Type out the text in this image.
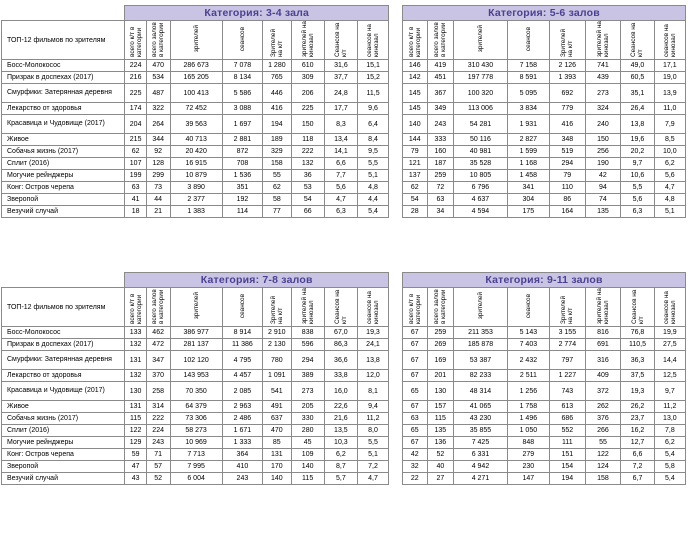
	Категория: 3-4 зала							
ТОП-12 фильмов по зрителям	всего к/т в категории	всего залов в категории	зрителей	сеансов	Зрителей на к/т	зрителей на кинозал	Сеансов на к/т	сеансов на кинозал
Босс-Молокосос	224	470	286 673	7 078	1 280	610	31,6	15,1
Призрак в доспехах (2017)	216	534	165 205	8 134	765	309	37,7	15,2
Смурфики: Затерянная деревня	225	487	100 413	5 586	446	206	24,8	11,5
Лекарство от здоровья	174	322	72 452	3 088	416	225	17,7	9,6
Красавица и Чудовище (2017)	204	264	39 563	1 697	194	150	8,3	6,4
Живое	215	344	40 713	2 881	189	118	13,4	8,4
Собачья жизнь (2017)	62	92	20 420	872	329	222	14,1	9,5
Сплит (2016)	107	128	16 915	708	158	132	6,6	5,5
Могучие рейнджеры	199	299	10 879	1 536	55	36	7,7	5,1
Конг: Остров черепа	63	73	3 890	351	62	53	5,6	4,8
Зверопой	41	44	2 377	192	58	54	4,7	4,4
Везучий случай	18	21	1 383	114	77	66	6,3	5,4
Категория: 5-6 залов							
всего к/т в категории	всего залов в категории	зрителей	сеансов	Зрителей на к/т	зрителей на кинозал	Сеансов на к/т	сеансов на кинозал
146	419	310 430	7 158	2 126	741	49,0	17,1
142	451	197 778	8 591	1 393	439	60,5	19,0
145	367	100 320	5 095	692	273	35,1	13,9
145	349	113 006	3 834	779	324	26,4	11,0
140	243	54 281	1 931	416	240	13,8	7,9
144	333	50 116	2 827	348	150	19,6	8,5
79	160	40 981	1 599	519	256	20,2	10,0
121	187	35 528	1 168	294	190	9,7	6,2
137	259	10 805	1 458	79	42	10,6	5,6
62	72	6 796	341	110	94	5,5	4,7
54	63	4 637	304	86	74	5,6	4,8
28	34	4 594	175	164	135	6,3	5,1
	Категория: 7-8 залов							
ТОП-12 фильмов по зрителям	всего к/т в категории	всего залов в категории	зрителей	сеансов	Зрителей на к/т	зрителей на кинозал	Сеансов на к/т	сеансов на кинозал
Босс-Молокосос	133	462	386 977	8 914	2 910	838	67,0	19,3
Призрак в доспехах (2017)	132	472	281 137	11 386	2 130	596	86,3	24,1
Смурфики: Затерянная деревня	131	347	102 120	4 795	780	294	36,6	13,8
Лекарство от здоровья	132	370	143 953	4 457	1 091	389	33,8	12,0
Красавица и Чудовище (2017)	130	258	70 350	2 085	541	273	16,0	8,1
Живое	131	314	64 379	2 963	491	205	22,6	9,4
Собачья жизнь (2017)	115	222	73 306	2 486	637	330	21,6	11,2
Сплит (2016)	122	224	58 273	1 671	470	280	13,5	8,0
Могучие рейнджеры	129	243	10 969	1 333	85	45	10,3	5,5
Конг: Остров черепа	59	71	7 713	364	131	109	6,2	5,1
Зверопой	47	57	7 995	410	170	140	8,7	7,2
Везучий случай	43	52	6 004	243	140	115	5,7	4,7
Категория: 9-11 залов							
всего к/т в категории	всего залов в категории	зрителей	сеансов	Зрителей на к/т	зрителей на кинозал	Сеансов на к/т	сеансов на кинозал
67	259	211 353	5 143	3 155	816	76,8	19,9
67	269	185 878	7 403	2 774	691	110,5	27,5
67	169	53 387	2 432	797	316	36,3	14,4
67	201	82 233	2 511	1 227	409	37,5	12,5
65	130	48 314	1 256	743	372	19,3	9,7
67	157	41 065	1 758	613	262	26,2	11,2
63	115	43 230	1 496	686	376	23,7	13,0
65	135	35 855	1 050	552	266	16,2	7,8
67	136	7 425	848	111	55	12,7	6,2
42	52	6 331	279	151	122	6,6	5,4
32	40	4 942	230	154	124	7,2	5,8
22	27	4 271	147	194	158	6,7	5,4
